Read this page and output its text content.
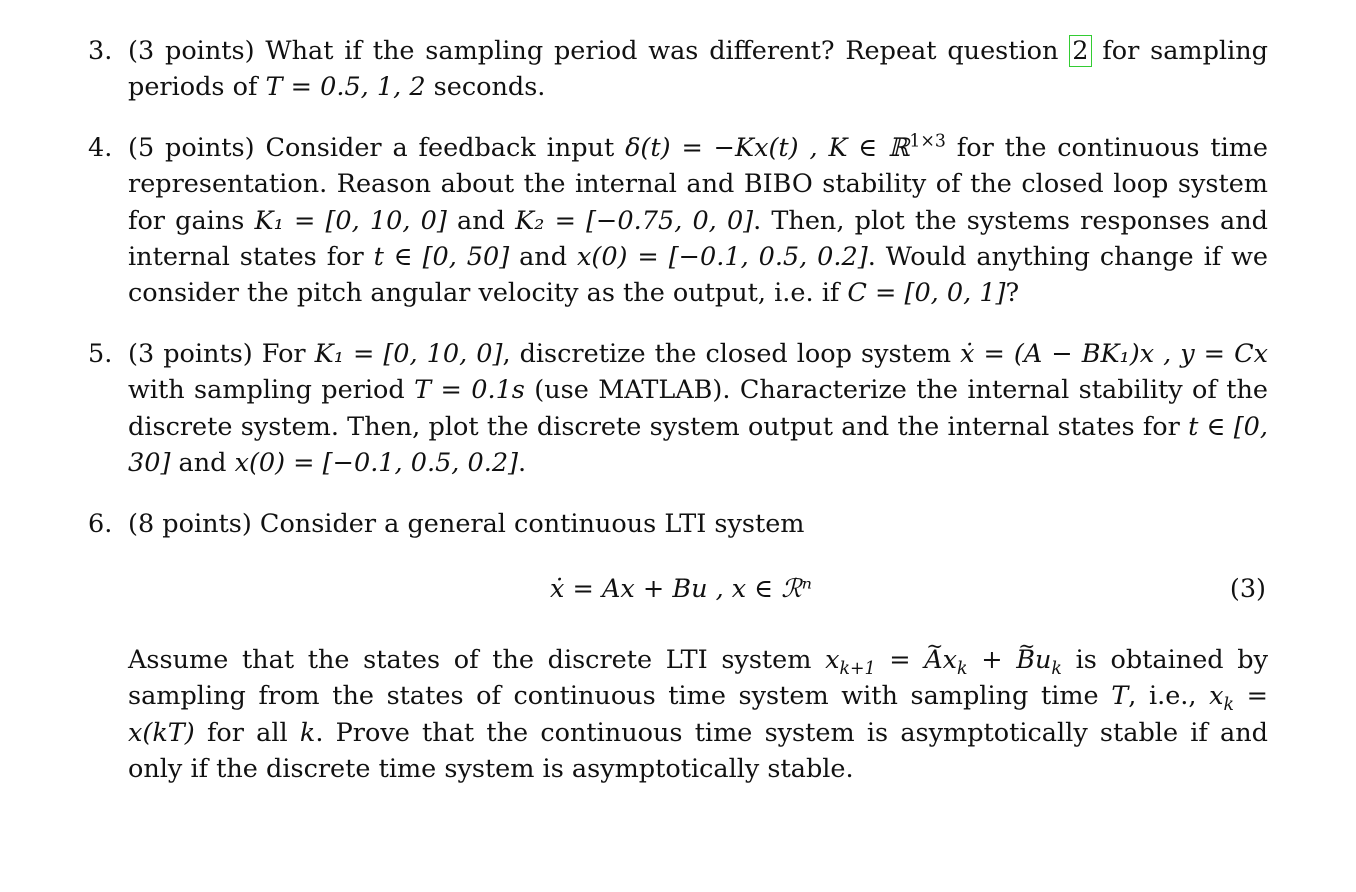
3. (3 points) What if the sampling period was different? Repeat question 2 for sampling periods of T = 0.5, 1, 2 seconds.
4. (5 points) Consider a feedback input δ(t) = −Kx(t) , K ∈ ℝ$^{1\times 3}$ for the continuous time representation. Reason about the internal and BIBO stability of the closed loop system for gains K₁ = [0, 10, 0] and K₂ = [−0.75, 0, 0]. Then, plot the systems responses and internal states for t ∈ [0, 50] and x(0) = [−0.1, 0.5, 0.2]. Would anything change if we consider the pitch angular velocity as the output, i.e. if C = [0, 0, 1]?
5. (3 points) For K₁ = [0, 10, 0], discretize the closed loop system ẋ = (A − BK₁)x , y = Cx with sampling period T = 0.1s (use MATLAB). Characterize the internal stability of the discrete system. Then, plot the discrete system output and the internal states for t ∈ [0, 30] and x(0) = [−0.1, 0.5, 0.2].
6. (8 points) Consider a general continuous LTI system
ẋ = Ax + Bu , x ∈ ℛⁿ	(3)
Assume that the states of the discrete LTI system $x_{k+1}$ = ~ $Ax_k$ + ~ $Bu_k$ is obtained by sampling from the states of continuous time system with sampling time T, i.e., $x_k = x(kT)$ for all k. Prove that the continuous time system is asymptotically stable if and only if the discrete time system is asymptotically stable.
